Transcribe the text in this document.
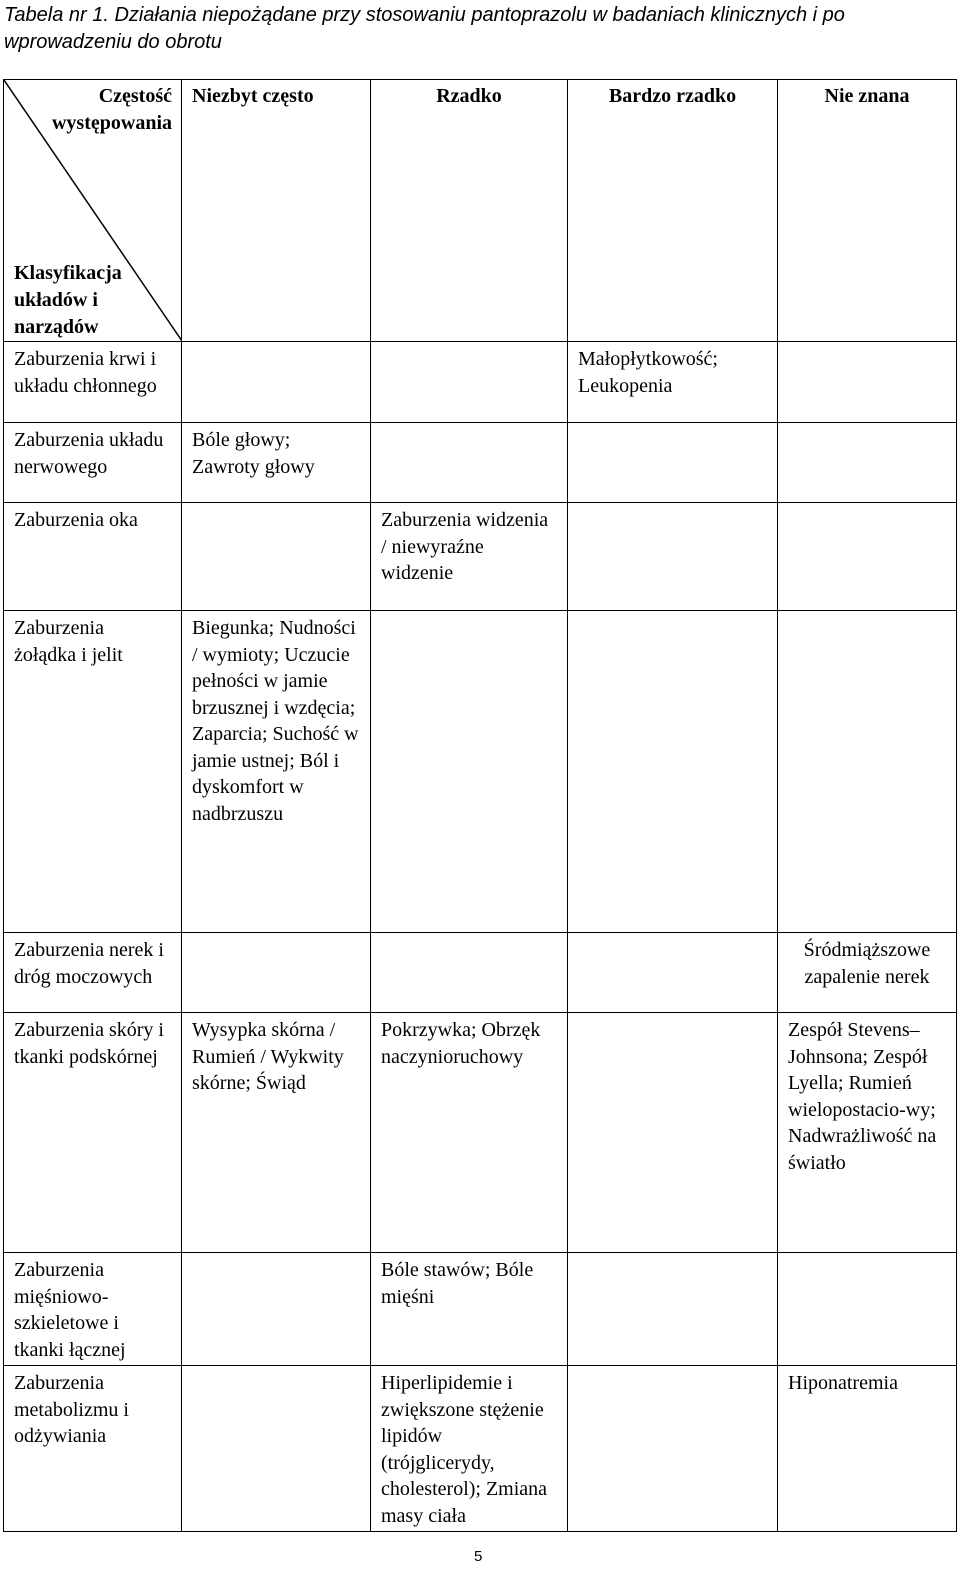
Tabela nr 1. Działania niepożądane przy stosowaniu pantoprazolu w badaniach klinicznych i po wprowadzeniu do obrotu
Częstość występowania
Klasyfikacja układów i narządów	Niezbyt często	Rzadko	Bardzo rzadko	Nie znana
Zaburzenia krwi i układu chłonnego			Małopłytkowość; Leukopenia	
Zaburzenia układu nerwowego	Bóle głowy; Zawroty głowy			
Zaburzenia oka		Zaburzenia widzenia / niewyraźne widzenie		
Zaburzenia żołądka i jelit	Biegunka; Nudności / wymioty; Uczucie pełności w jamie brzusznej i wzdęcia; Zaparcia; Suchość w jamie ustnej; Ból i dyskomfort w nadbrzuszu			
Zaburzenia nerek i dróg moczowych				Śródmiąższowe zapalenie nerek
Zaburzenia skóry i tkanki podskórnej	Wysypka skórna / Rumień / Wykwity skórne; Świąd	Pokrzywka; Obrzęk naczynioruchowy		Zespół Stevens–Johnsona; Zespół Lyella; Rumień wielopostacio-wy; Nadwrażliwość na światło
Zaburzenia mięśniowo-szkieletowe i tkanki łącznej		Bóle stawów; Bóle mięśni		
Zaburzenia metabolizmu i odżywiania		Hiperlipidemie i zwiększone stężenie lipidów (trójglicerydy, cholesterol); Zmiana masy ciała		Hiponatremia
5
